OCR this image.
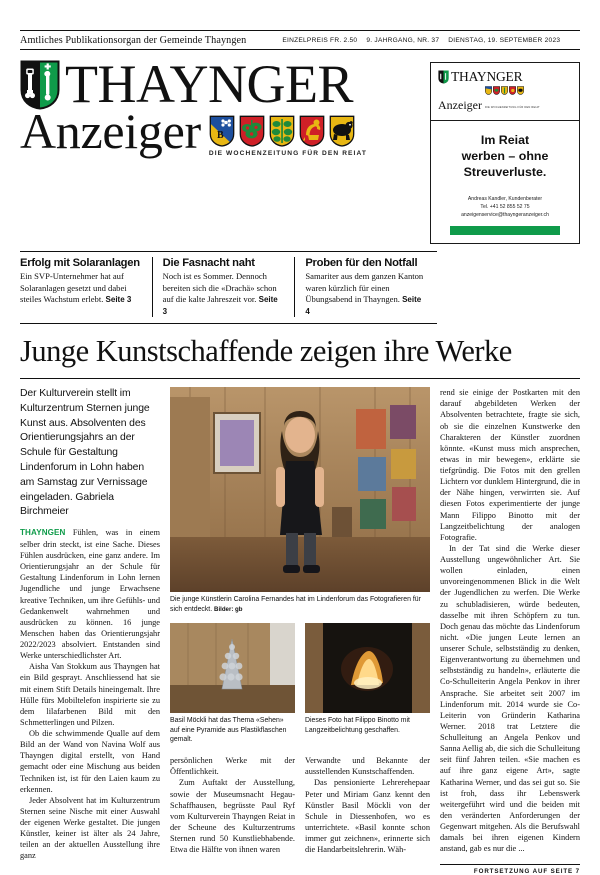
Amtliches Publikationsorgan der Gemeinde Thayngen	EINZELPREIS FR. 2.50 9. JAHRGANG, NR. 37 DIENSTAG, 19. SEPTEMBER 2023
THAYNGER
Anzeiger B
DIE WOCHENZEITUNG FÜR DEN REIAT
THAYNGER
Anzeiger DIE WOCHENZEITUNG FÜR DEN REIAT
Im Reiat
werben – ohne
Streuverluste.
Andreas Kandler, Kundenberater
Tel. +41 52 855 52 75
anzeigenservice@thayngeranzeiger.ch
Erfolg mit Solaranlagen

Ein SVP-Unternehmer hat auf Solaranlagen gesetzt und dabei steiles Wachstum erlebt. Seite 3

Die Fasnacht naht

Noch ist es Sommer. Dennoch bereiten sich die «Drachä» schon auf die kalte Jahreszeit vor. Seite 3

Proben für den Notfall

Samariter aus dem ganzen Kanton waren kürzlich für einen Übungsabend in Thayngen. Seite 4

Junge Kunstschaffende zeigen ihre Werke

Der Kulturverein stellt im Kulturzentrum Sternen junge Kunst aus. Absolventen des Orientierungsjahrs an der Schule für Gestaltung Lindenforum in Lohn haben am Samstag zur Vernissage eingeladen. Gabriela Birchmeier

THAYNGEN Fühlen, was in einem selber drin steckt, ist eine Sache. Dieses Fühlen ausdrücken, eine ganz andere. Im Orientierungsjahr an der Schule für Gestaltung Lindenforum in Lohn lernen Jugendliche und junge Erwachsene kreative Techniken, um ihre Gefühls- und Gedankenwelt wahrnehmen und ausdrücken zu können. 16 junge Menschen haben das Orientierungsjahr 2022/2023 absolviert. Entstanden sind Werke unterschiedlichster Art.

Aisha Van Stokkum aus Thayngen hat ein Bild gesprayt. Anschliessend hat sie mit einem Stift Details hineingemalt. Ihre Hülle fürs Mobiltelefon inspirierte sie zu dem lilafarbenen Bild mit den Schmetterlingen und Pilzen.

Ob die schwimmende Qualle auf dem Bild an der Wand von Navina Wolf aus Thayngen digital erstellt, von Hand gemacht oder eine Mischung aus beiden Techniken ist, ist für den Laien kaum zu erkennen.

Jeder Absolvent hat im Kulturzentrum Sternen seine Nische mit einer Auswahl der eigenen Werke gestaltet. Die jungen Künstler, keiner ist älter als 24 Jahre, teilen an der aktuellen Ausstellung ihre ganz

Die junge Künstlerin Carolina Fernandes hat im Lindenforum das Fotografieren für sich entdeckt. Bilder: gb
Basil Möckli hat das Thema «Sehen» auf eine Pyramide aus Plastikflaschen gemalt.
Dieses Foto hat Filippo Binotto mit Langzeitbelichtung geschaffen.

persönlichen Werke mit der Öffentlichkeit.

Zum Auftakt der Ausstellung, sowie der Museumsnacht Hegau-Schaffhausen, begrüsste Paul Ryf vom Kulturverein Thayngen Reiat in der Scheune des Kulturzentrums Sternen rund 50 Kunstliebhabende. Etwa die Hälfte von ihnen waren

Verwandte und Bekannte der ausstellenden Kunstschaffenden.

Das pensionierte Lehrerehepaar Peter und Miriam Ganz kennt den Künstler Basil Möckli von der Schule in Diessenhofen, wo es unterrichtete. «Basil konnte schon immer gut zeichnen», erinnerte sich die Handarbeitslehrerin. Wäh-

rend sie einige der Postkarten mit den darauf abgebildeten Werken der Absolventen betrachtete, fragte sie sich, ob sie die einzelnen Kunstwerke den Charakteren der Künstler zuordnen könnte. «Kunst muss mich ansprechen, etwas in mir bewegen», erklärte sie tiefgründig. Die Fotos mit den grellen Lichtern vor dunklem Hintergrund, die in der Nähe hingen, verwirrten sie. Auf diesen Fotos experimentierte der junge Mann Filippo Binotto mit der Langzeitbelichtung der analogen Fotografie.

In der Tat sind die Werke dieser Ausstellung ungewöhnlicher Art. Sie wollen einladen, einen unvoreingenommenen Blick in die Welt der Jugendlichen zu werfen. Die Werke zu schubladisieren, würde bedeuten, dasselbe mit ihren Schöpfern zu tun. Doch genau das möchte das Lindenforum nicht. «Die jungen Leute lernen an unserer Schule, selbstständig zu denken, Eigenverantwortung zu übernehmen und selbstständig zu handeln», erläuterte die Co-Schulleiterin Angela Penkov in ihrer Ansprache. Sie arbeitet seit 2007 im Lindenforum mit. 2014 wurde sie Co-Leiterin von Gründerin Katharina Werner. 2018 trat Letztere die Schulleitung an Angela Penkov und Sanna Aellig ab, die sich die Schulleitung seit fünf Jahren teilen. «Sie machen es auf ihre ganz eigene Art», sagte Katharina Werner, und das sei gut so. Sie ist froh, dass ihr Lebenswerk weitergeführt wird und die beiden mit den veränderten Anforderungen der Gegenwart mitgehen. Als die Berufswahl damals bei ihren eigenen Kindern anstand, gab es nur die ...

FORTSETZUNG AUF SEITE 7
